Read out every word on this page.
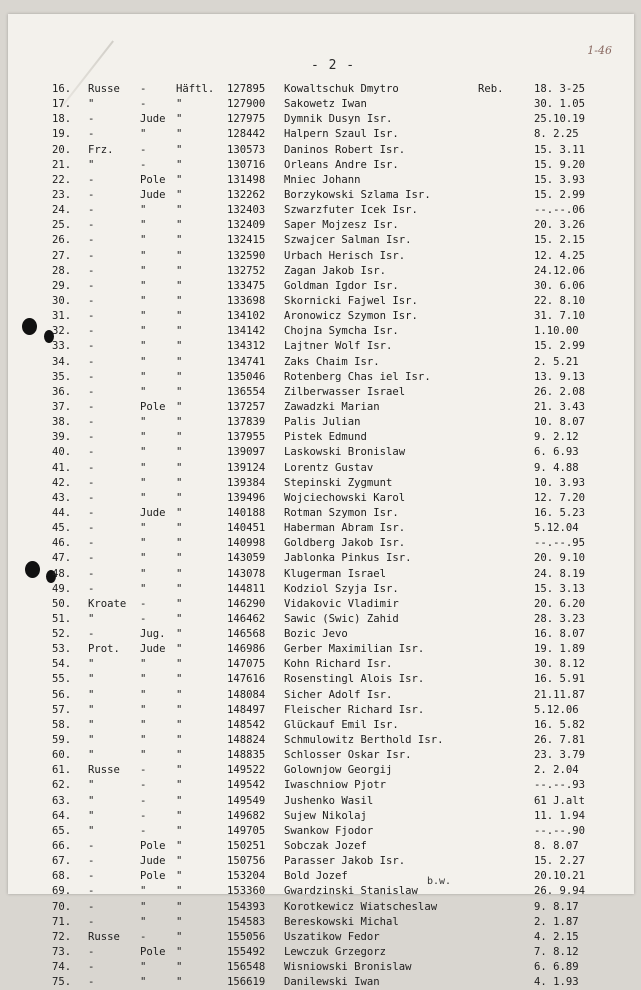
1-46
- 2 -
16. Russe -	Häftl. 127895 Kowaltschuk Dmytro	Reb.	18. 3-25
17. "	-	"	127900 Sakowetz Iwan	30. 1.05
18. -	Jude "	127975 Dymnik Dusyn Isr.	25.10.19
19. -	"	"	128442 Halpern Szaul Isr.	8. 2.25
20. Frz. -	"	130573 Daninos Robert Isr.	15. 3.11
21. "	-	"	130716 Orleans Andre Isr.	15. 9.20
22. -	Pole "	131498 Mniec Johann	15. 3.93
23. -	Jude "	132262 Borzykowski Szlama Isr.	15. 2.99
24. -	"	"	132403 Szwarzfuter Icek Isr.	--.--.06
25. -	"	"	132409 Saper Mojzesz Isr.	20. 3.26
26. -	"	"	132415 Szwajcer Salman Isr.	15. 2.15
27. -	"	"	132590 Urbach Herisch Isr.	12. 4.25
28. -	"	"	132752 Zagan Jakob Isr.	24.12.06
29. -	"	"	133475 Goldman Igdor Isr.	30. 6.06
30. -	"	"	133698 Skornicki Fajwel Isr.	22. 8.10
31. -	"	"	134102 Aronowicz Szymon Isr.	31. 7.10
32. -	"	"	134142 Chojna Symcha Isr.	1.10.00
33. -	"	"	134312 Lajtner Wolf Isr.	15. 2.99
34. -	"	"	134741 Zaks Chaim Isr.	2. 5.21
35. -	"	"	135046 Rotenberg Chas iel Isr.	13. 9.13
36. -	"	"	136554 Zilberwasser Israel	26. 2.08
37. -	Pole "	137257 Zawadzki Marian	21. 3.43
38. -	"	"	137839 Palis Julian	10. 8.07
39. -	"	"	137955 Pistek Edmund	9. 2.12
40. -	"	"	139097 Laskowski Bronislaw	6. 6.93
41. -	"	"	139124 Lorentz Gustav	9. 4.88
42. -	"	"	139384 Stepinski Zygmunt	10. 3.93
43. -	"	"	139496 Wojciechowski Karol	12. 7.20
44. -	Jude "	140188 Rotman Szymon Isr.	16. 5.23
45. -	"	"	140451 Haberman Abram Isr.	5.12.04
46. -	"	"	140998 Goldberg Jakob Isr.	--.--.95
47. -	"	"	143059 Jablonka Pinkus Isr.	20. 9.10
48. -	"	"	143078 Klugerman Israel	24. 8.19
49. -	"	"	144811 Kodziol Szyja Isr.	15. 3.13
50. Kroate -	"	146290 Vidakovic Vladimir	20. 6.20
51. "	-	"	146462 Sawic (Swic) Zahid	28. 3.23
52. -	Jug. "	146568 Bozic Jevo	16. 8.07
53. Prot. Jude "	146986 Gerber Maximilian Isr.	19. 1.89
54. "	"	"	147075 Kohn Richard Isr.	30. 8.12
55. "	"	"	147616 Rosenstingl Alois Isr.	16. 5.91
56. "	"	"	148084 Sicher Adolf Isr.	21.11.87
57. "	"	"	148497 Fleischer Richard Isr.	5.12.06
58. "	"	"	148542 Glückauf Emil Isr.	16. 5.82
59. "	"	"	148824 Schmulowitz Berthold Isr.	26. 7.81
60. "	"	"	148835 Schlosser Oskar Isr.	23. 3.79
61. Russe -	"	149522 Golownjow Georgij	2. 2.04
62. "	-	"	149542 Iwaschniow Pjotr	--.--.93
63. "	-	"	149549 Jushenko Wasil	61 J.alt
64. "	-	"	149682 Sujew Nikolaj	11. 1.94
65. "	-	"	149705 Swankow Fjodor	--.--.90
66. -	Pole "	150251 Sobczak Jozef	8. 8.07
67. -	Jude "	150756 Parasser Jakob Isr.	15. 2.27
68. -	Pole "	153204 Bold Jozef	20.10.21
69. -	"	"	153360 Gwardzinski Stanislaw	26. 9.94
70. -	"	"	154393 Korotkewicz Wiatscheslaw	9. 8.17
71. -	"	"	154583 Bereskowski Michal	2. 1.87
72. Russe -	"	155056 Uszatikow Fedor	4. 2.15
73. -	Pole "	155492 Lewczuk Grzegorz	7. 8.12
74. -	"	"	156548 Wisniowski Bronislaw	6. 6.89
75. -	"	"	156619 Danilewski Iwan	4. 1.93
b.w.
